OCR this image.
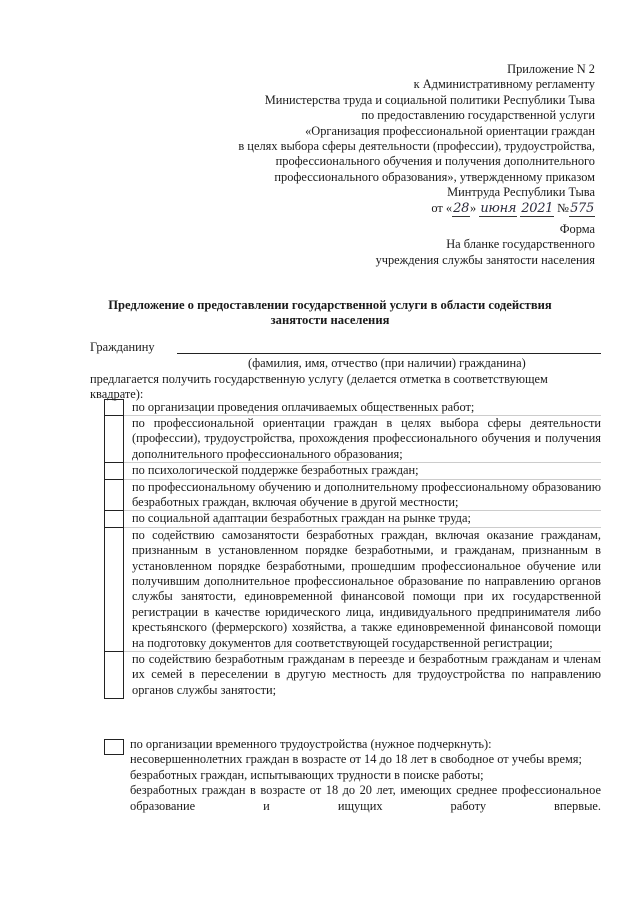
Приложение N 2
к Административному регламенту
Министерства труда и социальной политики Республики Тыва
по предоставлению государственной услуги
«Организация профессиональной ориентации граждан
в целях выбора сферы деятельности (профессии), трудоустройства,
профессионального обучения и получения дополнительного
профессионального образования», утвержденному приказом
Минтруда Республики Тыва
от «28» июня 2021 №575
Форма
На бланке государственного
учреждения службы занятости населения
Предложение о предоставлении государственной услуги в области содействия занятости населения
Гражданину
(фамилия, имя, отчество (при наличии) гражданина)
предлагается получить государственную услугу (делается отметка в соответствующем квадрате):
	по организации проведения оплачиваемых общественных работ;
	по профессиональной ориентации граждан в целях выбора сферы деятельности (профессии), трудоустройства, прохождения профессионального обучения и получения дополнительного профессионального образования;
	по психологической поддержке безработных граждан;
	по профессиональному обучению и дополнительному профессиональному образованию безработных граждан, включая обучение в другой местности;
	по социальной адаптации безработных граждан на рынке труда;
	по содействию самозанятости безработных граждан, включая оказание гражданам, признанным в установленном порядке безработными, и гражданам, признанным в установленном порядке безработными, прошедшим профессиональное обучение или получившим дополнительное профессиональное образование по направлению органов службы занятости, единовременной финансовой помощи при их государственной регистрации в качестве юридического лица, индивидуального предпринимателя либо крестьянского (фермерского) хозяйства, а также единовременной финансовой помощи на подготовку документов для соответствующей государственной регистрации;
	по содействию безработным гражданам в переезде и безработным гражданам и членам их семей в переселении в другую местность для трудоустройства по направлению органов службы занятости;
по организации временного трудоустройства (нужное подчеркнуть):
несовершеннолетних граждан в возрасте от 14 до 18 лет в свободное от учебы время;
безработных граждан, испытывающих трудности в поиске работы;
безработных граждан в возрасте от 18 до 20 лет, имеющих среднее профессиональное образование и ищущих работу впервые.
